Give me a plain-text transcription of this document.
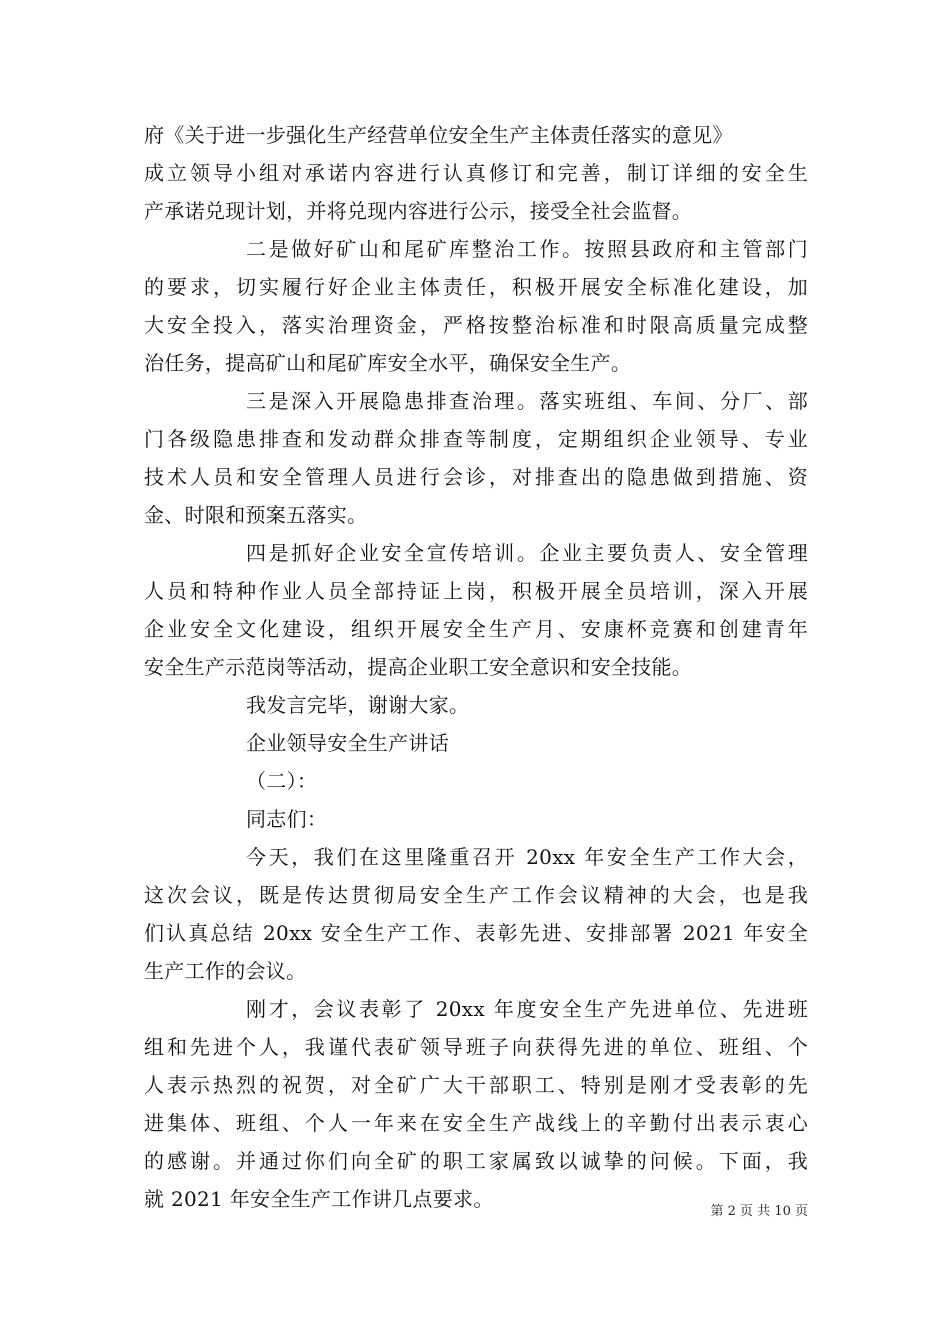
府《关于进一步强化生产经营单位安全生产主体责任落实的意见》
成立领导小组对承诺内容进行认真修订和完善，制订详细的安全生
产承诺兑现计划，并将兑现内容进行公示，接受全社会监督。
二是做好矿山和尾矿库整治工作。按照县政府和主管部门
的要求，切实履行好企业主体责任，积极开展安全标准化建设，加
大安全投入，落实治理资金，严格按整治标准和时限高质量完成整
治任务，提高矿山和尾矿库安全水平，确保安全生产。
三是深入开展隐患排查治理。落实班组、车间、分厂、部
门各级隐患排查和发动群众排查等制度，定期组织企业领导、专业
技术人员和安全管理人员进行会诊，对排查出的隐患做到措施、资
金、时限和预案五落实。
四是抓好企业安全宣传培训。企业主要负责人、安全管理
人员和特种作业人员全部持证上岗，积极开展全员培训，深入开展
企业安全文化建设，组织开展安全生产月、安康杯竞赛和创建青年
安全生产示范岗等活动，提高企业职工安全意识和安全技能。
我发言完毕，谢谢大家。
企业领导安全生产讲话
（二）：
同志们：
今天，我们在这里隆重召开 20xx 年安全生产工作大会，
这次会议，既是传达贯彻局安全生产工作会议精神的大会，也是我
们认真总结 20xx 安全生产工作、表彰先进、安排部署 2021 年安全
生产工作的会议。
刚才，会议表彰了 20xx 年度安全生产先进单位、先进班
组和先进个人，我谨代表矿领导班子向获得先进的单位、班组、个
人表示热烈的祝贺，对全矿广大干部职工、特别是刚才受表彰的先
进集体、班组、个人一年来在安全生产战线上的辛勤付出表示衷心
的感谢。并通过你们向全矿的职工家属致以诚挚的问候。下面，我
就 2021 年安全生产工作讲几点要求。
第 2 页 共 10 页
